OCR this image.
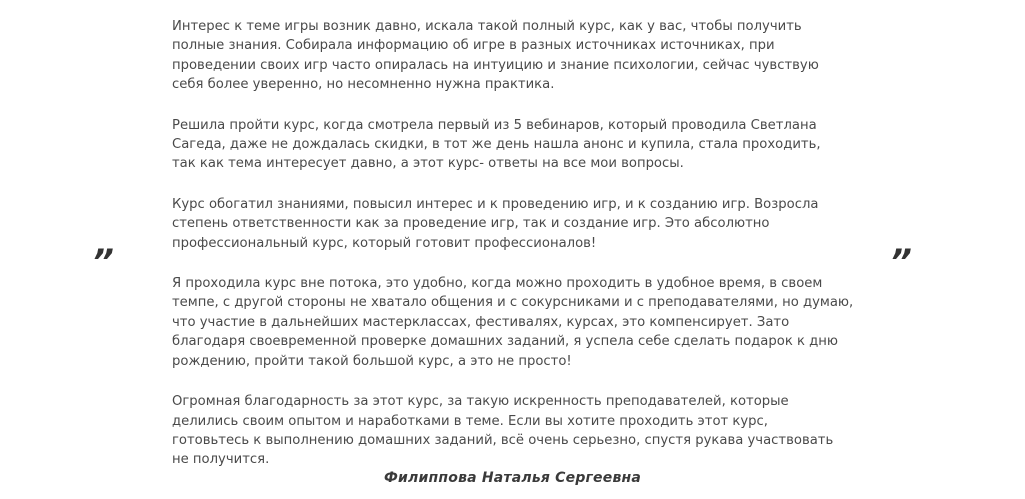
”

Интерес к теме игры возник давно, искала такой полный курс, как у вас, чтобы получить полные знания. Собирала информацию об игре в разных источниках источниках, при проведении своих игр часто опиралась на интуицию и знание психологии, сейчас чувствую себя более уверенно, но несомненно нужна практика.

Решила пройти курс, когда смотрела первый из 5 вебинаров, который проводила Светлана Сагеда, даже не дождалась скидки, в тот же день нашла анонс и купила, стала проходить, так как тема интересует давно, а этот курс- ответы на все мои вопросы.

Курс обогатил знаниями, повысил интерес и к проведению игр, и к созданию игр. Возросла степень ответственности как за проведение игр, так и создание игр. Это абсолютно профессиональный курс, который готовит профессионалов!

Я проходила курс вне потока, это удобно, когда можно проходить в удобное время, в своем темпе, с другой стороны не хватало общения и с сокурсниками и с преподавателями, но думаю, что участие в дальнейших мастерклассах, фестивалях, курсах, это компенсирует. Зато благодаря своевременной проверке домашних заданий, я успела себе сделать подарок к дню рождению, пройти такой большой курс, а это не просто!

Огромная благодарность за этот курс, за такую искренность преподавателей, которые делились своим опытом и наработками в теме. Если вы хотите проходить этот курс, готовьтесь к выполнению домашних заданий, всё очень серьезно, спустя рукава участвовать не получится.

”
Филиппова Наталья Сергеевна
